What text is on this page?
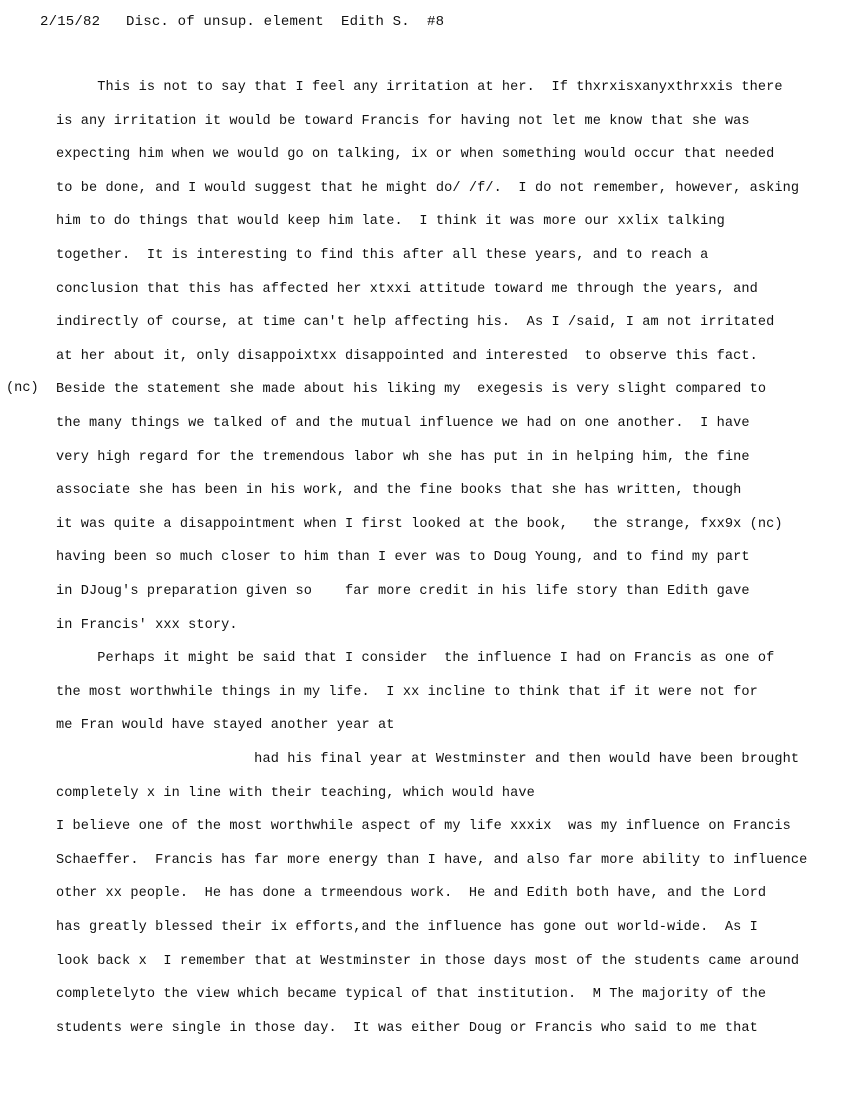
2/15/82   Disc. of unsup. element  Edith S.  #8
This is not to say that I feel any irritation at her.  If thxrxisxanyxthrxxis there
is any irritation it would be toward Francis for having not let me know that she was
expecting him when we would go on talking, ix or when something would occur that needed
to be done, and I would suggest that he might do/ /f/.  I do not remember, however, asking
him to do things that would keep him late.  I think it was more our xxlix talking
together.  It is interesting to find this after all these years, and to reach a
conclusion that this has affected her xtxxi attitude toward me through the years, and
indirectly of course, at time can't help affecting his.  As I /said, I am not irritated
at her about it, only disappoixtxx disappointed and interested  to observe this fact.
Beside the statement she made about his liking my  exegesis is very slight compared to
(nc)
the many things we talked of and the mutual influence we had on one another.  I have
very high regard for the tremendous labor wh she has put in in helping him, the fine
associate she has been in his work, and the fine books that she has written, though
it was quite a disappointment when I first looked at the book,   the strange, fxx9x (nc)
having been so much closer to him than I ever was to Doug Young, and to find my part
in DJoug's preparation given so    far more credit in his life story than Edith gave
in Francis' xxx story.
Perhaps it might be said that I consider  the influence I had on Francis as one of
the most worthwhile things in my life.  I xx incline to think that if it were not for
me Fran would have stayed another year at
had his final year at Westminster and then would have been brought
completely x in line with their teaching, which would have
I believe one of the most worthwhile aspect of my life xxxix  was my influence on Francis
Schaeffer.  Francis has far more energy than I have, and also far more ability to influence
other xx people.  He has done a trmeendous work.  He and Edith both have, and the Lord
has greatly blessed their ix efforts,and the influence has gone out world-wide.  As I
look back x  I remember that at Westminster in those days most of the students came around
completelyto the view which became typical of that institution.  M The majority of the
students were single in those day.  It was either Doug or Francis who said to me that
